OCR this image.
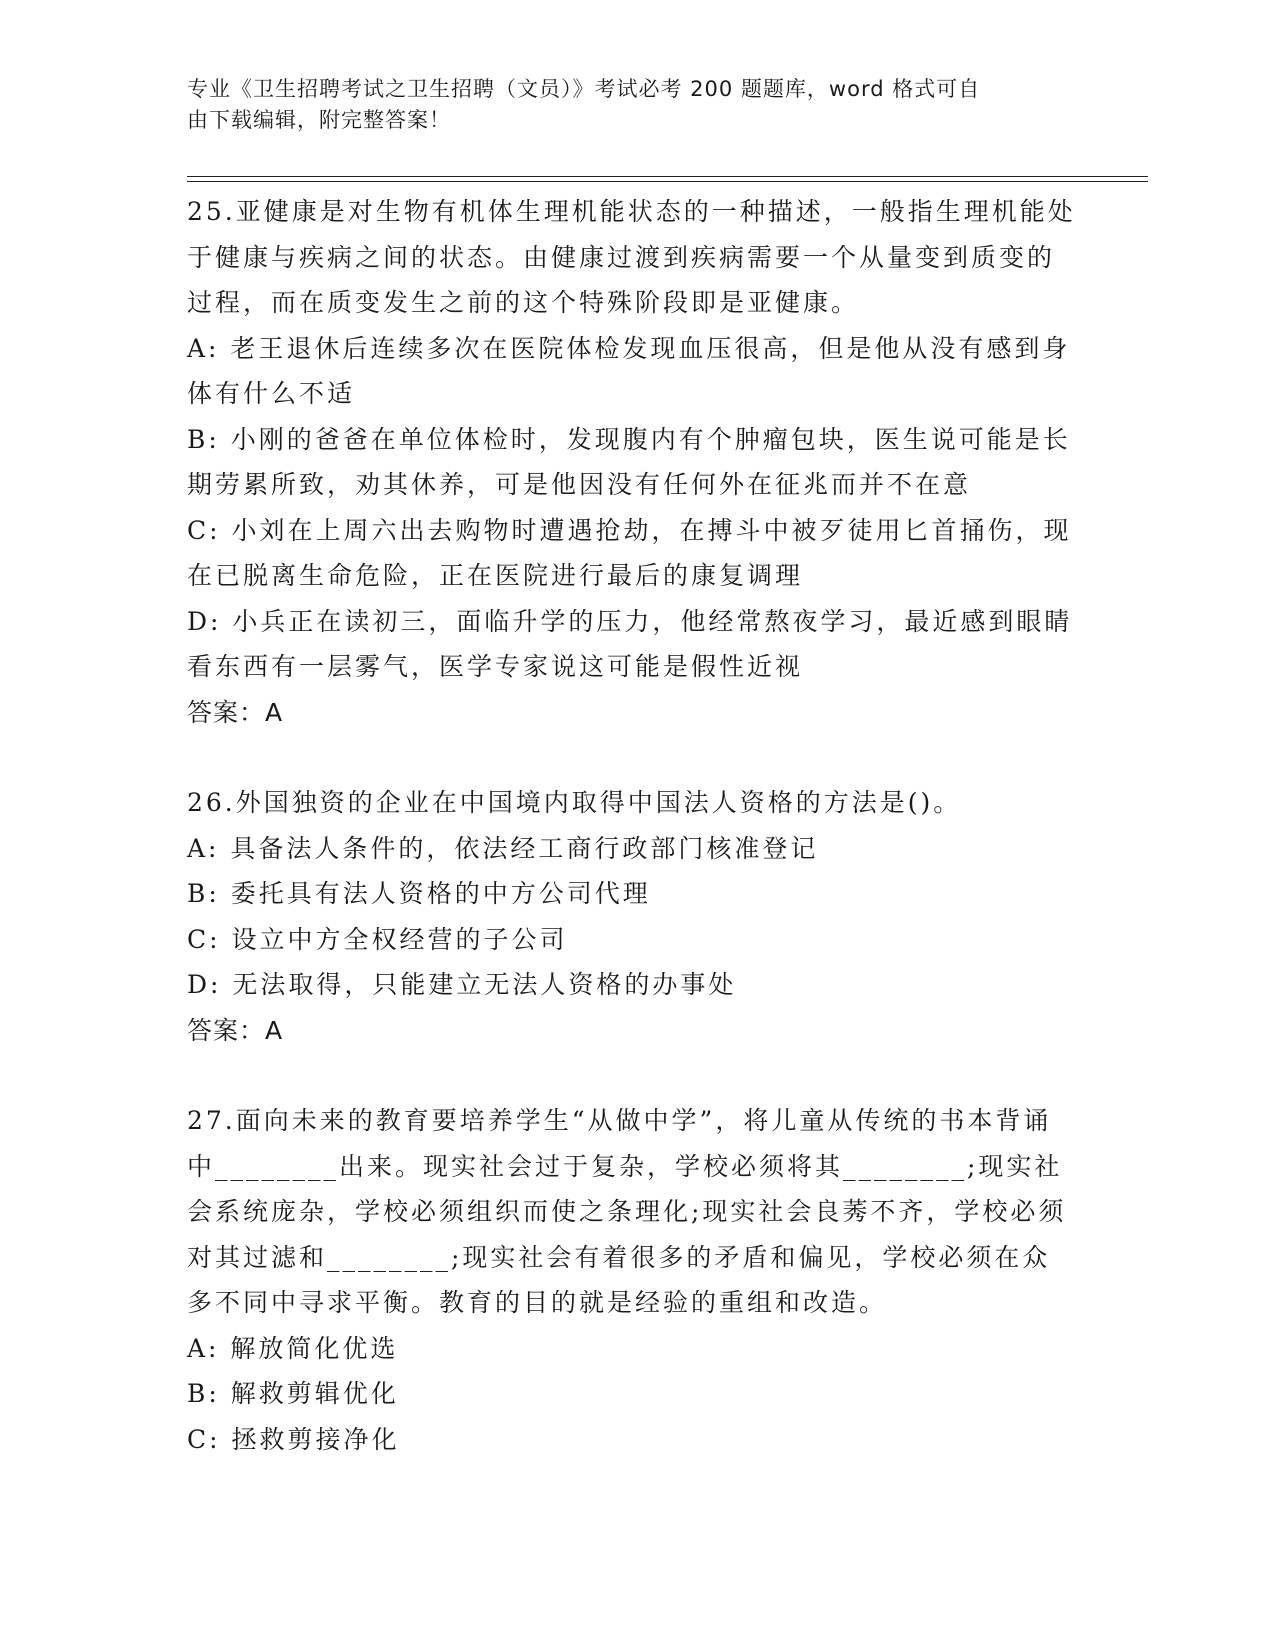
专业《卫生招聘考试之卫生招聘（文员）》考试必考 200 题题库，word 格式可自
由下载编辑，附完整答案！

25.亚健康是对生物有机体生理机能状态的一种描述，一般指生理机能处于健康与疾病之间的状态。由健康过渡到疾病需要一个从量变到质变的过程，而在质变发生之前的这个特殊阶段即是亚健康。

A: 老王退休后连续多次在医院体检发现血压很高，但是他从没有感到身体有什么不适

B: 小刚的爸爸在单位体检时，发现腹内有个肿瘤包块，医生说可能是长期劳累所致，劝其休养，可是他因没有任何外在征兆而并不在意

C: 小刘在上周六出去购物时遭遇抢劫，在搏斗中被歹徒用匕首捅伤，现在已脱离生命危险，正在医院进行最后的康复调理

D: 小兵正在读初三，面临升学的压力，他经常熬夜学习，最近感到眼睛看东西有一层雾气，医学专家说这可能是假性近视

答案：A

26.外国独资的企业在中国境内取得中国法人资格的方法是()。

A: 具备法人条件的，依法经工商行政部门核准登记

B: 委托具有法人资格的中方公司代理

C: 设立中方全权经营的子公司

D: 无法取得，只能建立无法人资格的办事处

答案：A

27.面向未来的教育要培养学生“从做中学”，将儿童从传统的书本背诵中________出来。现实社会过于复杂，学校必须将其________;现实社会系统庞杂，学校必须组织而使之条理化;现实社会良莠不齐，学校必须对其过滤和________;现实社会有着很多的矛盾和偏见，学校必须在众多不同中寻求平衡。教育的目的就是经验的重组和改造。

A: 解放简化优选

B: 解救剪辑优化

C: 拯救剪接净化
